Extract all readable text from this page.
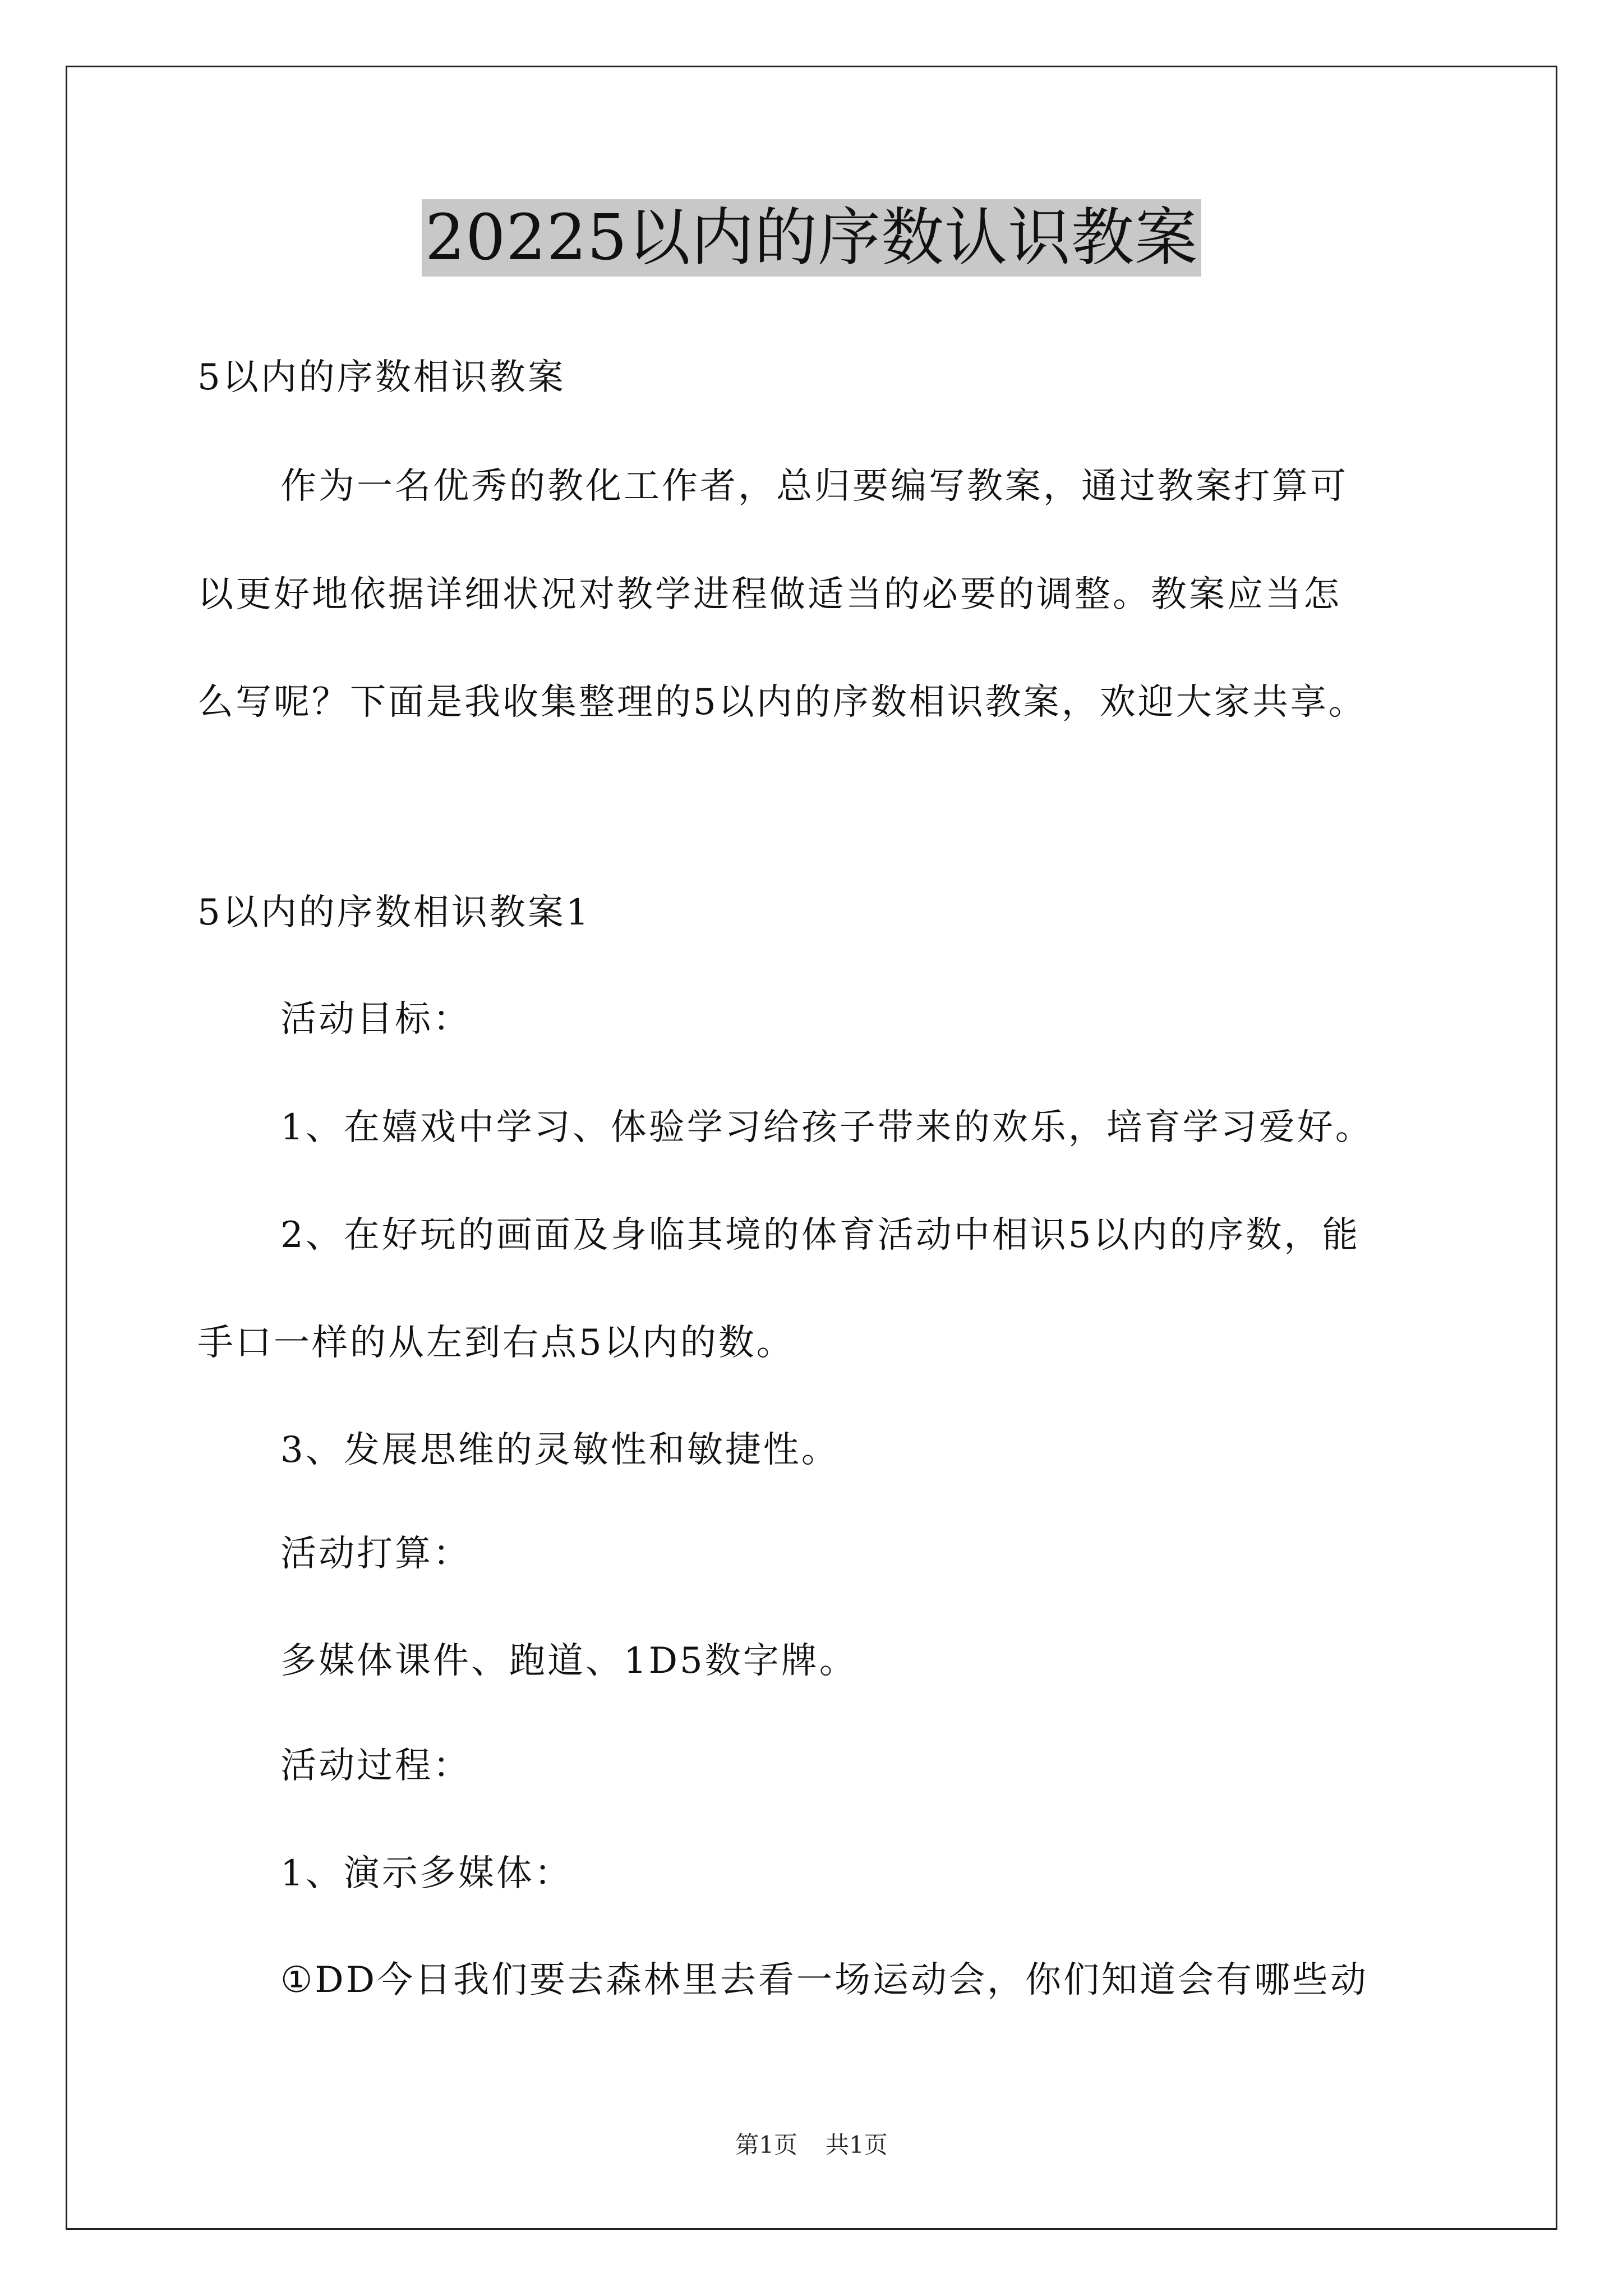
20225以内的序数认识教案
5以内的序数相识教案
作为一名优秀的教化工作者，总归要编写教案，通过教案打算可
以更好地依据详细状况对教学进程做适当的必要的调整。教案应当怎
么写呢？下面是我收集整理的5以内的序数相识教案，欢迎大家共享。
5以内的序数相识教案1
活动目标：
1、在嬉戏中学习、体验学习给孩子带来的欢乐，培育学习爱好。
2、在好玩的画面及身临其境的体育活动中相识5以内的序数，能
手口一样的从左到右点5以内的数。
3、发展思维的灵敏性和敏捷性。
活动打算：
多媒体课件、跑道、1D5数字牌。
活动过程：
1、演示多媒体：
①DD今日我们要去森林里去看一场运动会，你们知道会有哪些动
第1页 共1页
